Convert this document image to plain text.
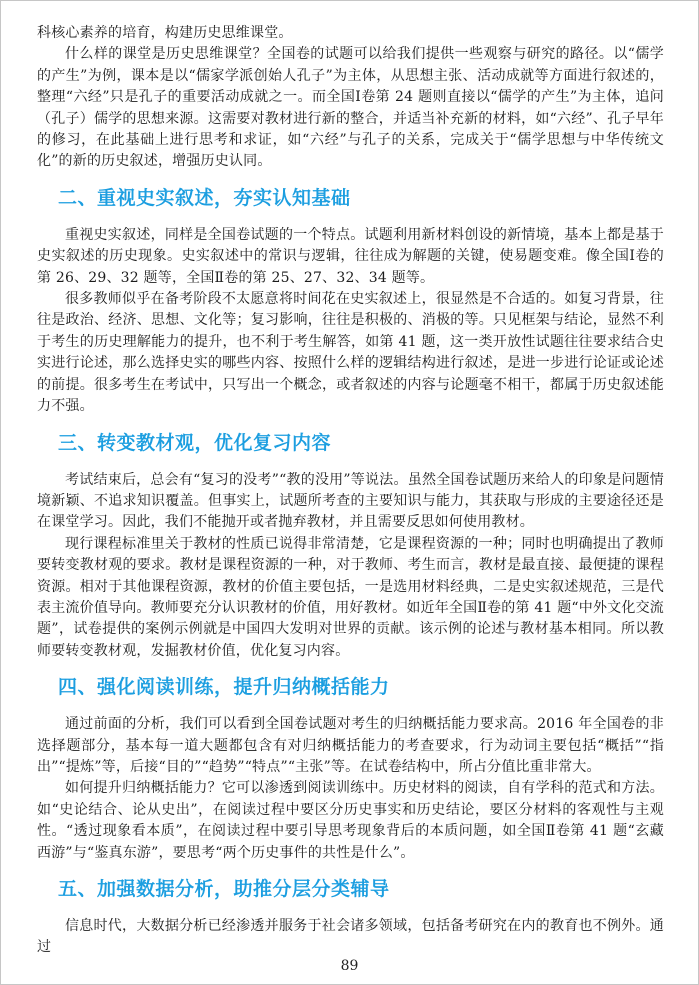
科核心素养的培育，构建历史思维课堂。

什么样的课堂是历史思维课堂？全国卷的试题可以给我们提供一些观察与研究的路径。以“儒学的产生”为例，课本是以“儒家学派创始人孔子”为主体，从思想主张、活动成就等方面进行叙述的，整理“六经”只是孔子的重要活动成就之一。而全国Ⅰ卷第 24 题则直接以“儒学的产生”为主体，追问（孔子）儒学的思想来源。这需要对教材进行新的整合，并适当补充新的材料，如“六经”、孔子早年的修习，在此基础上进行思考和求证，如“六经”与孔子的关系，完成关于“儒学思想与中华传统文化”的新的历史叙述，增强历史认同。

二、重视史实叙述，夯实认知基础

重视史实叙述，同样是全国卷试题的一个特点。试题利用新材料创设的新情境，基本上都是基于史实叙述的历史现象。史实叙述中的常识与逻辑，往往成为解题的关键，使易题变难。像全国Ⅰ卷的第 26、29、32 题等，全国Ⅱ卷的第 25、27、32、34 题等。

很多教师似乎在备考阶段不太愿意将时间花在史实叙述上，很显然是不合适的。如复习背景，往往是政治、经济、思想、文化等；复习影响，往往是积极的、消极的等。只见框架与结论，显然不利于考生的历史理解能力的提升，也不利于考生解答，如第 41 题，这一类开放性试题往往要求结合史实进行论述，那么选择史实的哪些内容、按照什么样的逻辑结构进行叙述，是进一步进行论证或论述的前提。很多考生在考试中，只写出一个概念，或者叙述的内容与论题毫不相干，都属于历史叙述能力不强。

三、转变教材观，优化复习内容

考试结束后，总会有“复习的没考”“教的没用”等说法。虽然全国卷试题历来给人的印象是问题情境新颖、不追求知识覆盖。但事实上，试题所考查的主要知识与能力，其获取与形成的主要途径还是在课堂学习。因此，我们不能抛开或者抛弃教材，并且需要反思如何使用教材。

现行课程标准里关于教材的性质已说得非常清楚，它是课程资源的一种；同时也明确提出了教师要转变教材观的要求。教材是课程资源的一种，对于教师、考生而言，教材是最直接、最便捷的课程资源。相对于其他课程资源，教材的价值主要包括，一是选用材料经典，二是史实叙述规范，三是代表主流价值导向。教师要充分认识教材的价值，用好教材。如近年全国Ⅱ卷的第 41 题“中外文化交流题”，试卷提供的案例示例就是中国四大发明对世界的贡献。该示例的论述与教材基本相同。所以教师要转变教材观，发掘教材价值，优化复习内容。

四、强化阅读训练，提升归纳概括能力

通过前面的分析，我们可以看到全国卷试题对考生的归纳概括能力要求高。2016 年全国卷的非选择题部分，基本每一道大题都包含有对归纳概括能力的考查要求，行为动词主要包括“概括”“指出”“提炼”等，后接“目的”“趋势”“特点”“主张”等。在试卷结构中，所占分值比重非常大。

如何提升归纳概括能力？它可以渗透到阅读训练中。历史材料的阅读，自有学科的范式和方法。如“史论结合、论从史出”，在阅读过程中要区分历史事实和历史结论，要区分材料的客观性与主观性。“透过现象看本质”，在阅读过程中要引导思考现象背后的本质问题，如全国Ⅱ卷第 41 题“玄藏西游”与“鉴真东游”，要思考“两个历史事件的共性是什么”。

五、加强数据分析，助推分层分类辅导

信息时代，大数据分析已经渗透并服务于社会诸多领域，包括备考研究在内的教育也不例外。通过

89
